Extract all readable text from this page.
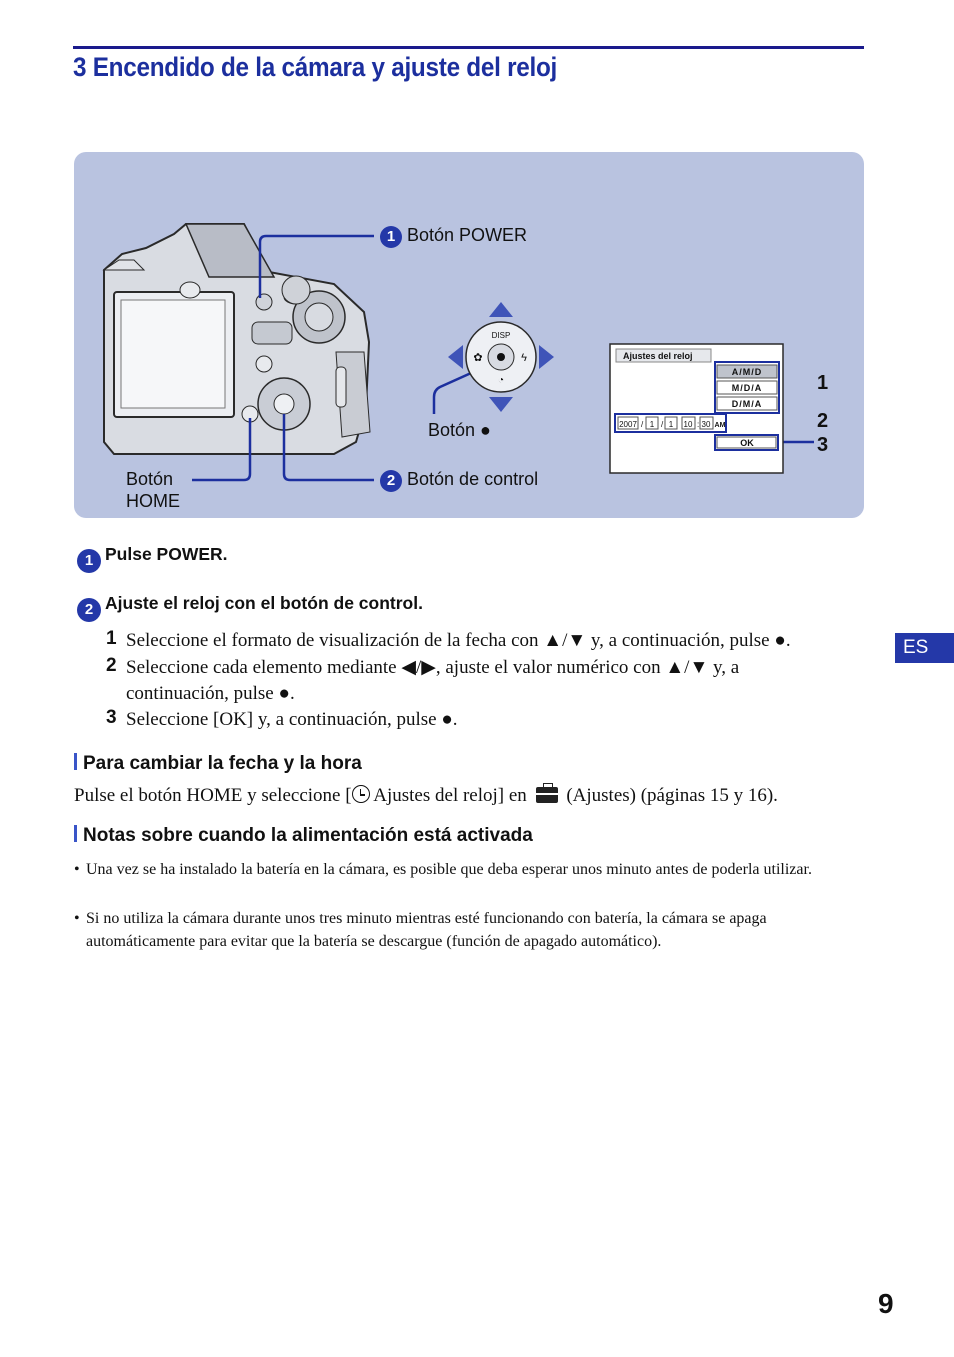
3 Encendido de la cámara y ajuste del reloj
DISP
✿	ϟ
◔
Ajustes del reloj
A/M/D
M/D/A
D/M/A
2007 / 1 / 1 10 : 30 AM
OK
1 Botón POWER
2 Botón de control
Botón HOME
Botón ●
1
2
3
1 Pulse POWER.
2 Ajuste el reloj con el botón de control.
1 Seleccione el formato de visualización de la fecha con ▲/▼ y, a continuación, pulse ●.
2 Seleccione cada elemento mediante ◀/▶, ajuste el valor numérico con ▲/▼ y, a continuación, pulse ●.
3 Seleccione [OK] y, a continuación, pulse ●.
Para cambiar la fecha y la hora
Pulse el botón HOME y seleccione [
Ajustes del reloj] en
(Ajustes) (páginas 15 y 16).
Notas sobre cuando la alimentación está activada
• Una vez se ha instalado la batería en la cámara, es posible que deba esperar unos minuto antes de poderla utilizar.
• Si no utiliza la cámara durante unos tres minuto mientras esté funcionando con batería, la cámara se apaga automáticamente para evitar que la batería se descargue (función de apagado automático).
ES
9
